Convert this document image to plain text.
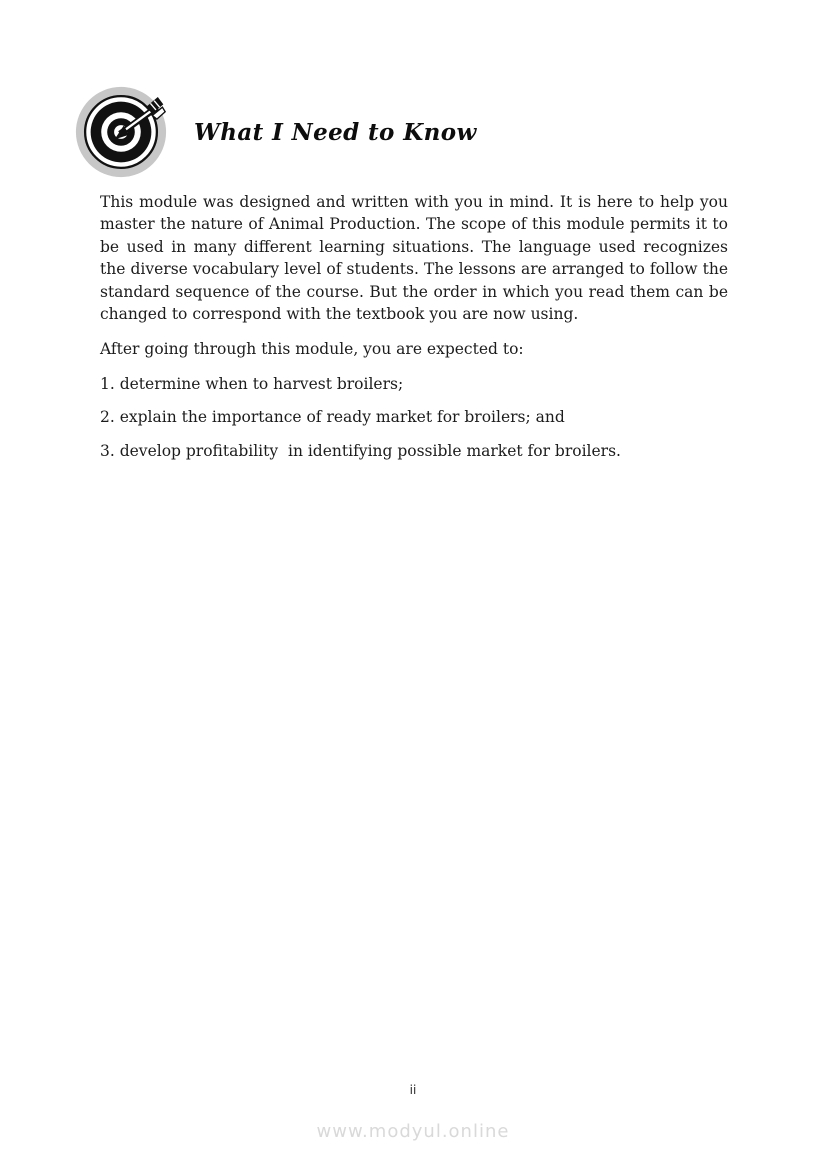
What I Need to Know

This module was designed and written with you in mind. It is here to help you master the nature of Animal Production. The scope of this module permits it to be used in many different learning situations. The language used recognizes the diverse vocabulary level of students. The lessons are arranged to follow the standard sequence of the course. But the order in which you read them can be changed to correspond with the textbook you are now using.

After going through this module, you are expected to:

1. determine when to harvest broilers;

2. explain the importance of ready market for broilers; and

3. develop profitability  in identifying possible market for broilers.

ii
www.modyul.online
